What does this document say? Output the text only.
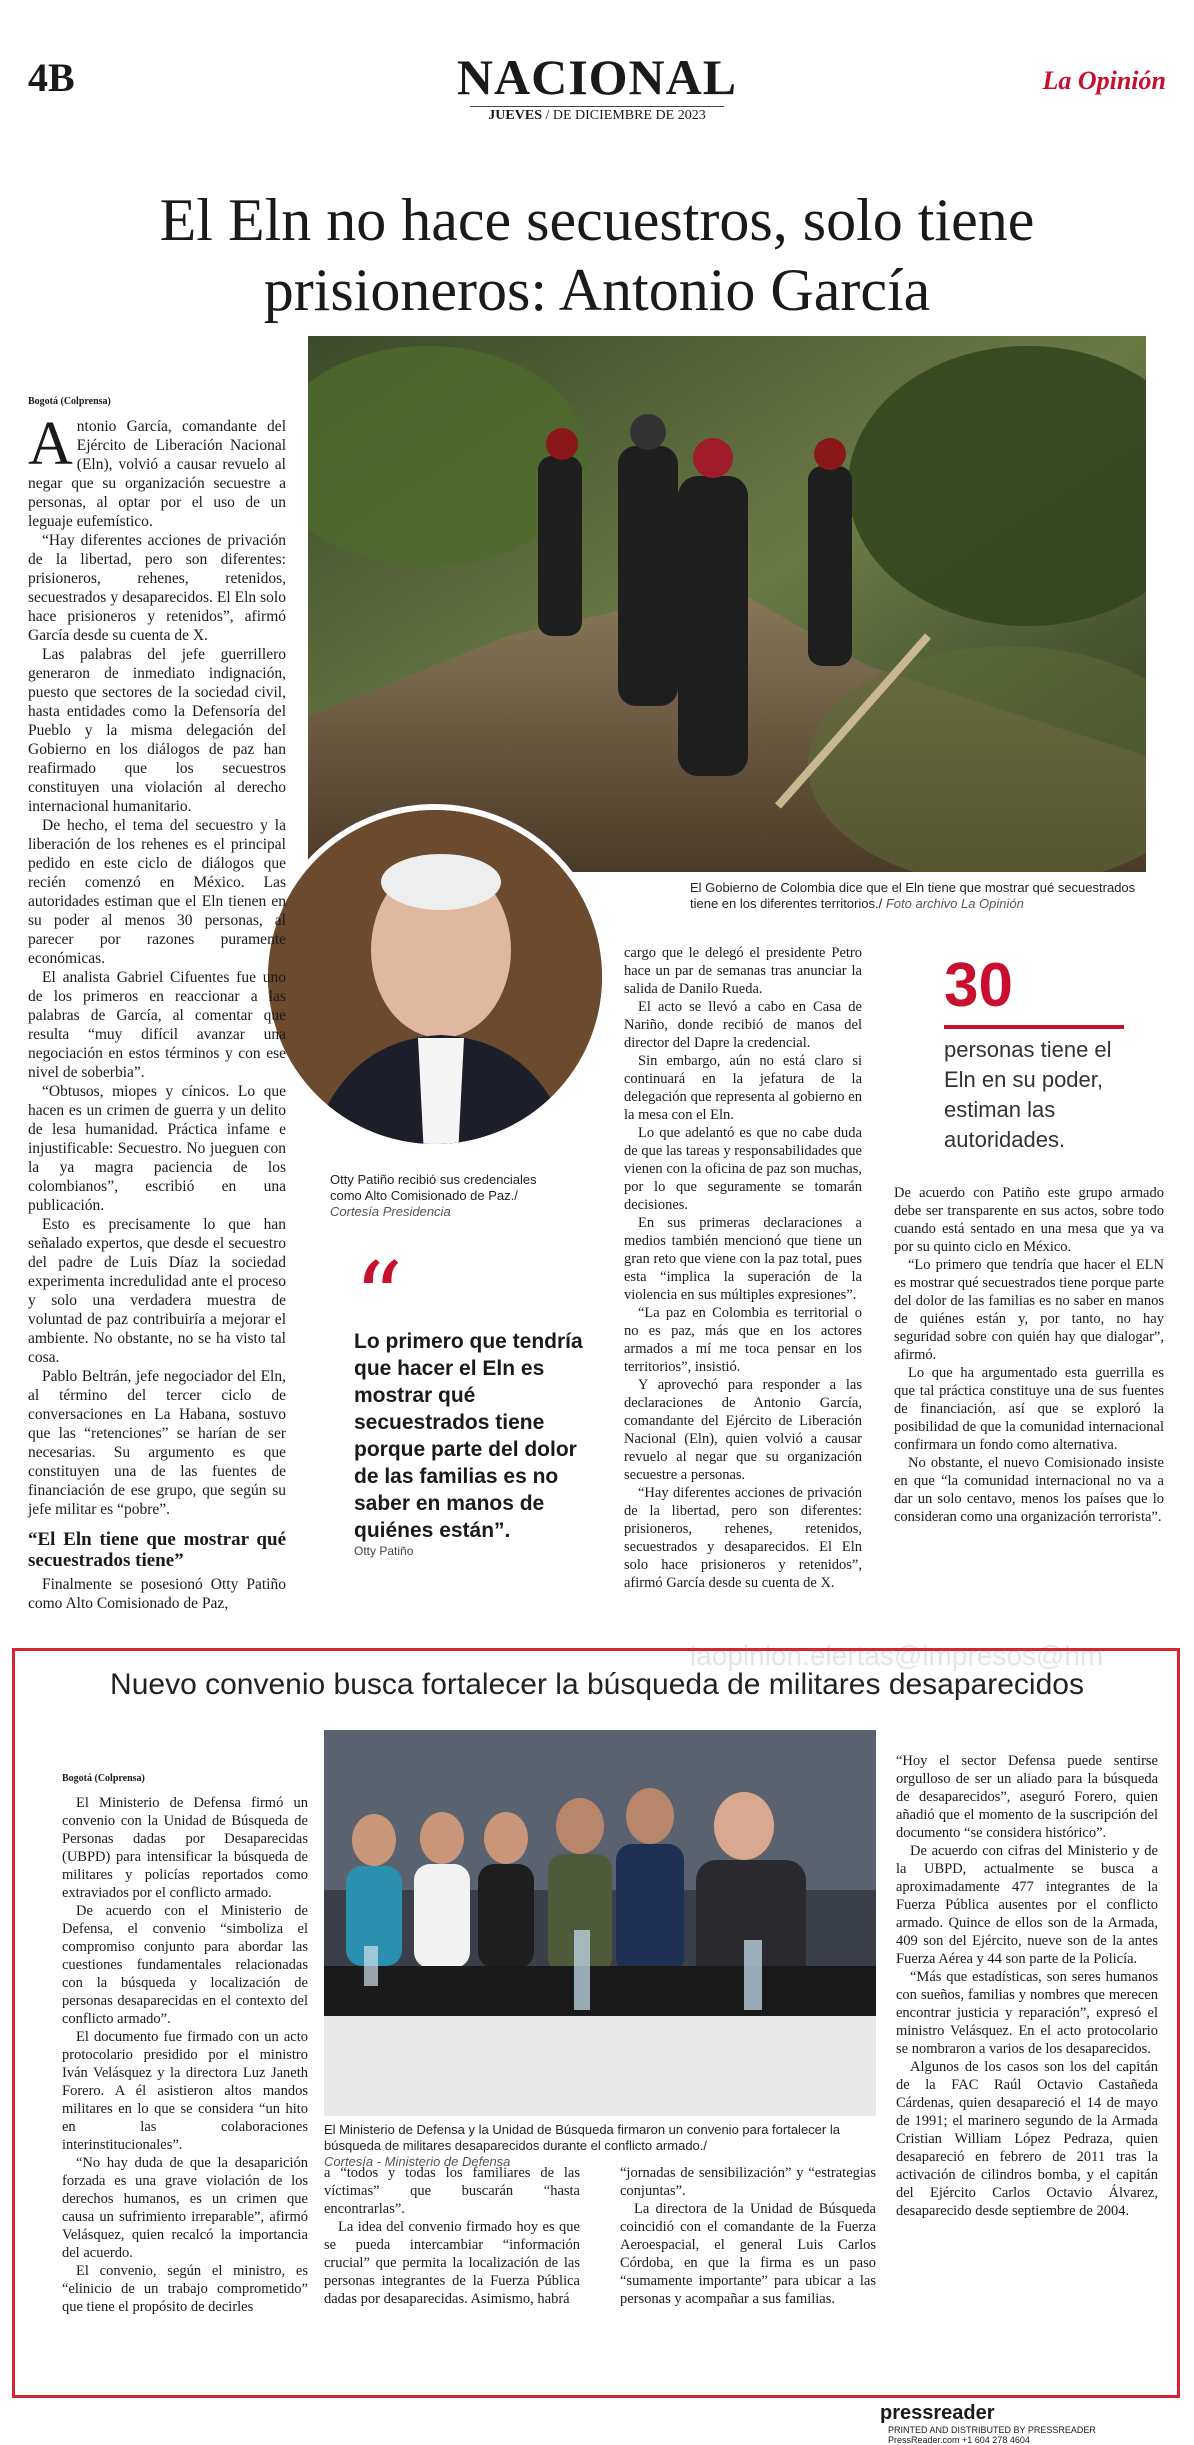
4B	NACIONAL
JUEVES / DE DICIEMBRE DE 2023
La Opinión
El Eln no hace secuestros, solo tiene
prisioneros: Antonio García
El Gobierno de Colombia dice que el Eln tiene que mostrar qué secuestrados tiene en los diferentes territorios./ Foto archivo La Opinión
Otty Patiño recibió sus credenciales como Alto Comisionado de Paz./ Cortesía Presidencia
Bogotá (Colprensa)

Antonio García, comandante del Ejército de Liberación Nacional (Eln), volvió a causar revuelo al negar que su organización secuestre a personas, al optar por el uso de un leguaje eufemístico.

“Hay diferentes acciones de privación de la libertad, pero son diferentes: prisioneros, rehenes, retenidos, secuestrados y desaparecidos. El Eln solo hace prisioneros y retenidos”, afirmó García desde su cuenta de X.

Las palabras del jefe guerrillero generaron de inmediato indignación, puesto que sectores de la sociedad civil, hasta entidades como la Defensoría del Pueblo y la misma delegación del Gobierno en los diálogos de paz han reafirmado que los secuestros constituyen una violación al derecho internacional humanitario.

De hecho, el tema del secuestro y la liberación de los rehenes es el principal pedido en este ciclo de diálogos que recién comenzó en México. Las autoridades estiman que el Eln tienen en su poder al menos 30 personas, al parecer por razones puramente económicas.

El analista Gabriel Cifuentes fue uno de los primeros en reaccionar a las palabras de García, al comentar que resulta “muy difícil avanzar una negociación en estos términos y con ese nivel de soberbia”.

“Obtusos, miopes y cínicos. Lo que hacen es un crimen de guerra y un delito de lesa humanidad. Práctica infame e injustificable: Secuestro. No jueguen con la ya magra paciencia de los colombianos”, escribió en una publicación.

Esto es precisamente lo que han señalado expertos, que desde el secuestro del padre de Luis Díaz la sociedad experimenta incredulidad ante el proceso y solo una verdadera muestra de voluntad de paz contribuiría a mejorar el ambiente. No obstante, no se ha visto tal cosa.

Pablo Beltrán, jefe negociador del Eln, al término del tercer ciclo de conversaciones en La Habana, sostuvo que las “retenciones” se harían de ser necesarias. Su argumento es que constituyen una de las fuentes de financiación de ese grupo, que según su jefe militar es “pobre”.

“El Eln tiene que mostrar qué secuestrados tiene”

Finalmente se posesionó Otty Patiño como Alto Comisionado de Paz,

“
Lo primero que tendría que hacer el Eln es mostrar qué secuestrados tiene porque parte del dolor de las familias es no saber en manos de quiénes están”.
Otty Patiño

cargo que le delegó el presidente Petro hace un par de semanas tras anunciar la salida de Danilo Rueda.

El acto se llevó a cabo en Casa de Nariño, donde recibió de manos del director del Dapre la credencial.

Sin embargo, aún no está claro si continuará en la jefatura de la delegación que representa al gobierno en la mesa con el Eln.

Lo que adelantó es que no cabe duda de que las tareas y responsabilidades que vienen con la oficina de paz son muchas, por lo que seguramente se tomarán decisiones.

En sus primeras declaraciones a medios también mencionó que tiene un gran reto que viene con la paz total, pues esta “implica la superación de la violencia en sus múltiples expresiones”.

“La paz en Colombia es territorial o no es paz, más que en los actores armados a mí me toca pensar en los territorios”, insistió.

Y aprovechó para responder a las declaraciones de Antonio García, comandante del Ejército de Liberación Nacional (Eln), quien volvió a causar revuelo al negar que su organización secuestre a personas.

“Hay diferentes acciones de privación de la libertad, pero son diferentes: prisioneros, rehenes, retenidos, secuestrados y desaparecidos. El Eln solo hace prisioneros y retenidos”, afirmó García desde su cuenta de X.

30
personas tiene el Eln en su poder, estiman las autoridades.

De acuerdo con Patiño este grupo armado debe ser transparente en sus actos, sobre todo cuando está sentado en una mesa que ya va por su quinto ciclo en México.

“Lo primero que tendría que hacer el ELN es mostrar qué secuestrados tiene porque parte del dolor de las familias es no saber en manos de quiénes están y, por tanto, no hay seguridad sobre con quién hay que dialogar”, afirmó.

Lo que ha argumentado esta guerrilla es que tal práctica constituye una de sus fuentes de financiación, así que se exploró la posibilidad de que la comunidad internacional confirmara un fondo como alternativa.

No obstante, el nuevo Comisionado insiste en que “la comunidad internacional no va a dar un solo centavo, menos los países que lo consideran como una organización terrorista”.

laopinion.elertas@impresos@hm
Nuevo convenio busca fortalecer la búsqueda de militares desaparecidos
El Ministerio de Defensa y la Unidad de Búsqueda firmaron un convenio para fortalecer la búsqueda de militares desaparecidos durante el conflicto armado./
Cortesía - Ministerio de Defensa
Bogotá (Colprensa)

El Ministerio de Defensa firmó un convenio con la Unidad de Búsqueda de Personas dadas por Desaparecidas (UBPD) para intensificar la búsqueda de militares y policías reportados como extraviados por el conflicto armado.

De acuerdo con el Ministerio de Defensa, el convenio “simboliza el compromiso conjunto para abordar las cuestiones fundamentales relacionadas con la búsqueda y localización de personas desaparecidas en el contexto del conflicto armado”.

El documento fue firmado con un acto protocolario presidido por el ministro Iván Velásquez y la directora Luz Janeth Forero. A él asistieron altos mandos militares en lo que se considera “un hito en las colaboraciones interinstitucionales”.

“No hay duda de que la desaparición forzada es una grave violación de los derechos humanos, es un crimen que causa un sufrimiento irreparable”, afirmó Velásquez, quien recalcó la importancia del acuerdo.

El convenio, según el ministro, es “elinicio de un trabajo comprometido” que tiene el propósito de decirles

a “todos y todas los familiares de las víctimas” que buscarán “hasta encontrarlas”.

La idea del convenio firmado hoy es que se pueda intercambiar “información crucial” que permita la localización de las personas integrantes de la Fuerza Pública dadas por desaparecidas. Asimismo, habrá

“jornadas de sensibilización” y “estrategias conjuntas”.

La directora de la Unidad de Búsqueda coincidió con el comandante de la Fuerza Aeroespacial, el general Luis Carlos Córdoba, en que la firma es un paso “sumamente importante” para ubicar a las personas y acompañar a sus familias.

“Hoy el sector Defensa puede sentirse orgulloso de ser un aliado para la búsqueda de desaparecidos”, aseguró Forero, quien añadió que el momento de la suscripción del documento “se considera histórico”.

De acuerdo con cifras del Ministerio y de la UBPD, actualmente se busca a aproximadamente 477 integrantes de la Fuerza Pública ausentes por el conflicto armado. Quince de ellos son de la Armada, 409 son del Ejército, nueve son de la antes Fuerza Aérea y 44 son parte de la Policía.

“Más que estadísticas, son seres humanos con sueños, familias y nombres que merecen encontrar justicia y reparación”, expresó el ministro Velásquez. En el acto protocolario se nombraron a varios de los desaparecidos.

Algunos de los casos son los del capitán de la FAC Raúl Octavio Castañeda Cárdenas, quien desapareció el 14 de mayo de 1991; el marinero segundo de la Armada Cristian William López Pedraza, quien desapareció en febrero de 2011 tras la activación de cilindros bomba, y el capitán del Ejército Carlos Octavio Álvarez, desaparecido desde septiembre de 2004.

pressreader PRINTED AND DISTRIBUTED BY PRESSREADER
PressReader.com +1 604 278 4604
